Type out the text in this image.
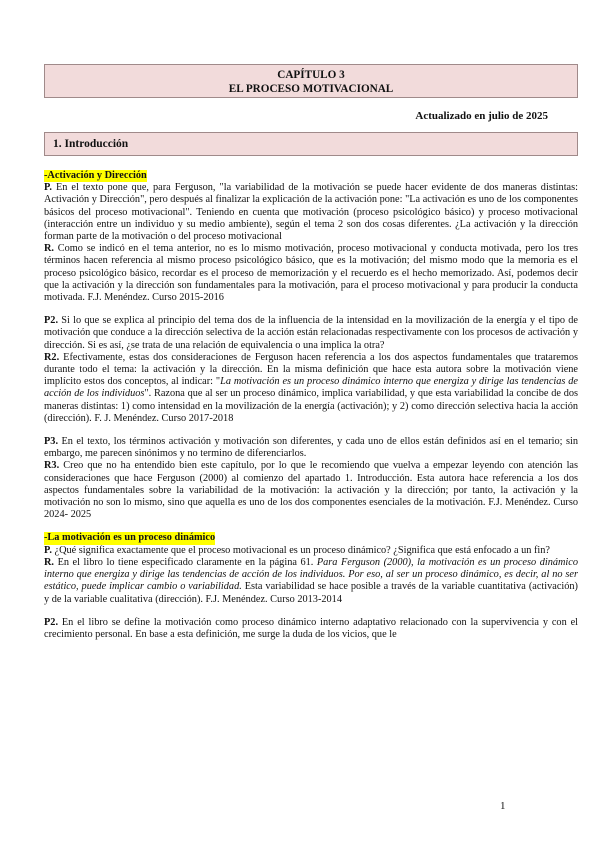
CAPÍTULO 3
EL PROCESO MOTIVACIONAL
Actualizado en julio de 2025
1. Introducción
-Activación y Dirección

P. En el texto pone que, para Ferguson, "la variabilidad de la motivación se puede hacer evidente de dos maneras distintas: Activación y Dirección", pero después al finalizar la explicación de la activación pone: "La activación es uno de los componentes básicos del proceso motivacional". Teniendo en cuenta que motivación (proceso psicológico básico) y proceso motivacional (interacción entre un individuo y su medio ambiente), según el tema 2 son dos cosas diferentes. ¿La activación y la dirección forman parte de la motivación o del proceso motivacional

R. Como se indicó en el tema anterior, no es lo mismo motivación, proceso motivacional y conducta motivada, pero los tres términos hacen referencia al mismo proceso psicológico básico, que es la motivación; del mismo modo que la memoria es el proceso psicológico básico, recordar es el proceso de memorización y el recuerdo es el hecho memorizado. Así, podemos decir que la activación y la dirección son fundamentales para la motivación, para el proceso motivacional y para producir la conducta motivada. F.J. Menéndez. Curso 2015-2016

P2. Si lo que se explica al principio del tema dos de la influencia de la intensidad en la movilización de la energía y el tipo de motivación que conduce a la dirección selectiva de la acción están relacionadas respectivamente con los procesos de activación y dirección. Si es así, ¿se trata de una relación de equivalencia o una implica la otra?

R2. Efectivamente, estas dos consideraciones de Ferguson hacen referencia a los dos aspectos fundamentales que trataremos durante todo el tema: la activación y la dirección. En la misma definición que hace esta autora sobre la motivación viene implícito estos dos conceptos, al indicar: "La motivación es un proceso dinámico interno que energiza y dirige las tendencias de acción de los individuos". Razona que al ser un proceso dinámico, implica variabilidad, y que esta variabilidad la concibe de dos maneras distintas: 1) como intensidad en la movilización de la energía (activación); y 2) como dirección selectiva hacia la acción (dirección). F. J. Menéndez. Curso 2017-2018

P3. En el texto, los términos activación y motivación son diferentes, y cada uno de ellos están definidos así en el temario; sin embargo, me parecen sinónimos y no termino de diferenciarlos.

R3. Creo que no ha entendido bien este capítulo, por lo que le recomiendo que vuelva a empezar leyendo con atención las consideraciones que hace Ferguson (2000) al comienzo del apartado 1. Introducción. Esta autora hace referencia a los dos aspectos fundamentales sobre la variabilidad de la motivación: la activación y la dirección; por tanto, la activación y la motivación no son lo mismo, sino que aquella es uno de los dos componentes esenciales de la motivación. F.J. Menéndez. Curso 2024- 2025

-La motivación es un proceso dinámico

P. ¿Qué significa exactamente que el proceso motivacional es un proceso dinámico? ¿Significa que está enfocado a un fin?

R. En el libro lo tiene especificado claramente en la página 61. Para Ferguson (2000), la motivación es un proceso dinámico interno que energiza y dirige las tendencias de acción de los individuos. Por eso, al ser un proceso dinámico, es decir, al no ser estático, puede implicar cambio o variabilidad. Esta variabilidad se hace posible a través de la variable cuantitativa (activación) y de la variable cualitativa (dirección). F.J. Menéndez. Curso 2013-2014

P2. En el libro se define la motivación como proceso dinámico interno adaptativo relacionado con la supervivencia y con el crecimiento personal. En base a esta definición, me surge la duda de los vicios, que le

1
